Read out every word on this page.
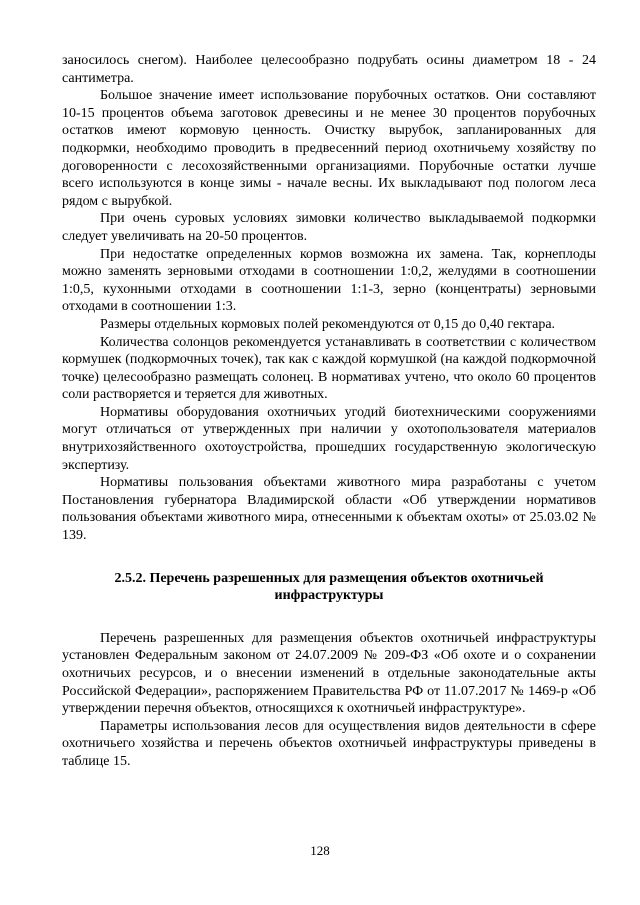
заносилось снегом). Наиболее целесообразно подрубать осины диаметром 18 - 24 сантиметра.

Большое значение имеет использование порубочных остатков. Они составляют 10-15 процентов объема заготовок древесины и не менее 30 процентов порубочных остатков имеют кормовую ценность. Очистку вырубок, запланированных для подкормки, необходимо проводить в предвесенний период охотничьему хозяйству по договоренности с лесохозяйственными организациями. Порубочные остатки лучше всего используются в конце зимы - начале весны. Их выкладывают под пологом леса рядом с вырубкой.

При очень суровых условиях зимовки количество выкладываемой подкормки следует увеличивать на 20-50 процентов.

При недостатке определенных кормов возможна их замена. Так, корнеплоды можно заменять зерновыми отходами в соотношении 1:0,2, желудями в соотношении 1:0,5, кухонными отходами в соотношении 1:1-3, зерно (концентраты) зерновыми отходами в соотношении 1:3.

Размеры отдельных кормовых полей рекомендуются от 0,15 до 0,40 гектара.

Количества солонцов рекомендуется устанавливать в соответствии с количеством кормушек (подкормочных точек), так как с каждой кормушкой (на каждой подкормочной точке) целесообразно размещать солонец. В нормативах учтено, что около 60 процентов соли растворяется и теряется для животных.

Нормативы оборудования охотничьих угодий биотехническими сооружениями могут отличаться от утвержденных при наличии у охотопользователя материалов внутрихозяйственного охотоустройства, прошедших государственную экологическую экспертизу.

Нормативы пользования объектами животного мира разработаны с учетом Постановления губернатора Владимирской области «Об утверждении нормативов пользования объектами животного мира, отнесенными к объектам охоты» от 25.03.02 № 139.

2.5.2. Перечень разрешенных для размещения объектов охотничьей инфраструктуры

Перечень разрешенных для размещения объектов охотничьей инфраструктуры установлен Федеральным законом от 24.07.2009 № 209-ФЗ «Об охоте и о сохранении охотничьих ресурсов, и о внесении изменений в отдельные законодательные акты Российской Федерации», распоряжением Правительства РФ от 11.07.2017 № 1469-р «Об утверждении перечня объектов, относящихся к охотничьей инфраструктуре».

Параметры использования лесов для осуществления видов деятельности в сфере охотничьего хозяйства и перечень объектов охотничьей инфраструктуры приведены в таблице 15.

128
